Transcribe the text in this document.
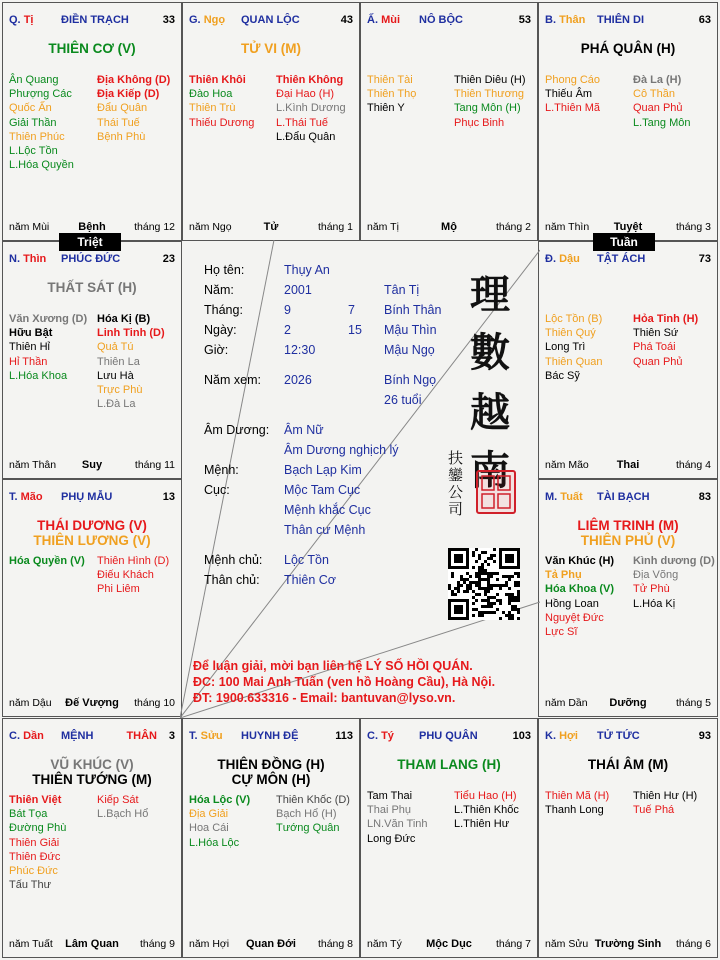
Q. Tị	ĐIỀN TRẠCH	33
THIÊN CƠ (V)
Ân Quang
Phượng Các
Quốc Ấn
Giải Thần
Thiên Phúc
L.Lộc Tồn
L.Hóa Quyền
Địa Không (D)
Địa Kiếp (D)
Đẩu Quân
Thái Tuế
Bệnh Phù
năm Mùi	Bệnh	tháng 12
G. Ngọ QUAN LỘC	43
TỬ VI (M)
Thiên Khôi
Đào Hoa
Thiên Trù
Thiếu Dương
Thiên Không
Đại Hao (H)
L.Kình Dương
L.Thái Tuế
L.Đẩu Quân
năm Ngọ	Tử	tháng 1
Ấ. Mùi NÔ BỘC	53
Thiên Tài
Thiên Thọ
Thiên Y
Thiên Diêu (H)
Thiên Thương
Tang Môn (H)
Phục Binh
năm Tị	Mộ	tháng 2
B. Thân THIÊN DI	63
PHÁ QUÂN (H)
Phong Cáo
Thiếu Âm
L.Thiên Mã
Đà La (H)
Cô Thần
Quan Phủ
L.Tang Môn
năm Thìn	Tuyệt	tháng 3
N. Thìn PHÚC ĐỨC	23
THẤT SÁT (H)
Văn Xương (D)
Hữu Bật
Thiên Hỉ
Hỉ Thần
L.Hóa Khoa
Hóa Kị (B)
Linh Tinh (D)
Quả Tú
Thiên La
Lưu Hà
Trực Phù
L.Đà La
năm Thân	Suy	tháng 11
Đ. Dậu TẬT ÁCH	73
Lộc Tồn (B)
Thiên Quý
Long Trì
Thiên Quan
Bác Sỹ
Hỏa Tinh (H)
Thiên Sứ
Phá Toái
Quan Phủ
năm Mão	Thai	tháng 4
T. Mão PHỤ MẪU	13
THÁI DƯƠNG (V)
THIÊN LƯƠNG (V)
Hóa Quyền (V) Thiên Hình (D)
Điếu Khách
Phi Liêm
năm Dậu	Đế Vượng	tháng 10
M. Tuất TÀI BẠCH	83
LIÊM TRINH (M)
THIÊN PHỦ (V)
Văn Khúc (H)
Tả Phụ
Hóa Khoa (V)
Hồng Loan
Nguyệt Đức
Lực Sĩ
Kình dương (D)
Địa Võng
Tử Phù
L.Hóa Kị
năm Dần	Dưỡng	tháng 5
C. Dần MỆNH	THÂN 3
VŨ KHÚC (V)
THIÊN TƯỚNG (M)
Thiên Việt
Bát Tọa
Đường Phù
Thiên Giải
Thiên Đức
Phúc Đức
Tấu Thư
Kiếp Sát
L.Bạch Hổ
năm Tuất	Lâm Quan	tháng 9
T. Sửu HUYNH ĐỆ	113
THIÊN ĐỒNG (H)
CỰ MÔN (H)
Hóa Lộc (V)
Địa Giải
Hoa Cái
L.Hóa Lộc
Thiên Khốc (D)
Bạch Hổ (H)
Tướng Quân
năm Hợi	Quan Đới	tháng 8
C. Tý PHU QUÂN	103
THAM LANG (H)
Tam Thai
Thai Phụ
LN.Văn Tinh
Long Đức
Tiểu Hao (H)
L.Thiên Khốc
L.Thiên Hư
năm Tý	Mộc Dục	tháng 7
K. Hợi TỬ TỨC	93
THÁI ÂM (M)
Thiên Mã (H)
Thanh Long
Thiên Hư (H)
Tuế Phá
năm Sửu Trường Sinh	tháng 6
Họ tên:	Thụy An
Năm:	2001	Tân Tị
Tháng:	9	7 Bính Thân
Ngày:	2	15 Mậu Thìn
Giờ:	12:30	Mậu Ngọ
Năm xem: 2026	Bính Ngọ
26 tuổi
Âm Dương: Âm Nữ
Âm Dương nghịch lý
Mệnh:	Bạch Lạp Kim
Cục:	Mộc Tam Cục
Mệnh khắc Cục
Thân cư Mệnh
Mệnh chủ: Lộc Tồn
Thân chủ: Thiên Cơ
理
數
越
南
扶鑾公司
Để luận giải, mời bạn liên hệ LÝ SỐ HỒI QUÁN.
ĐC: 100 Mai Anh Tuấn (ven hồ Hoàng Cầu), Hà Nội.
ĐT: 1900.633316 - Email: bantuvan@lyso.vn.
Triệt	Tuần
